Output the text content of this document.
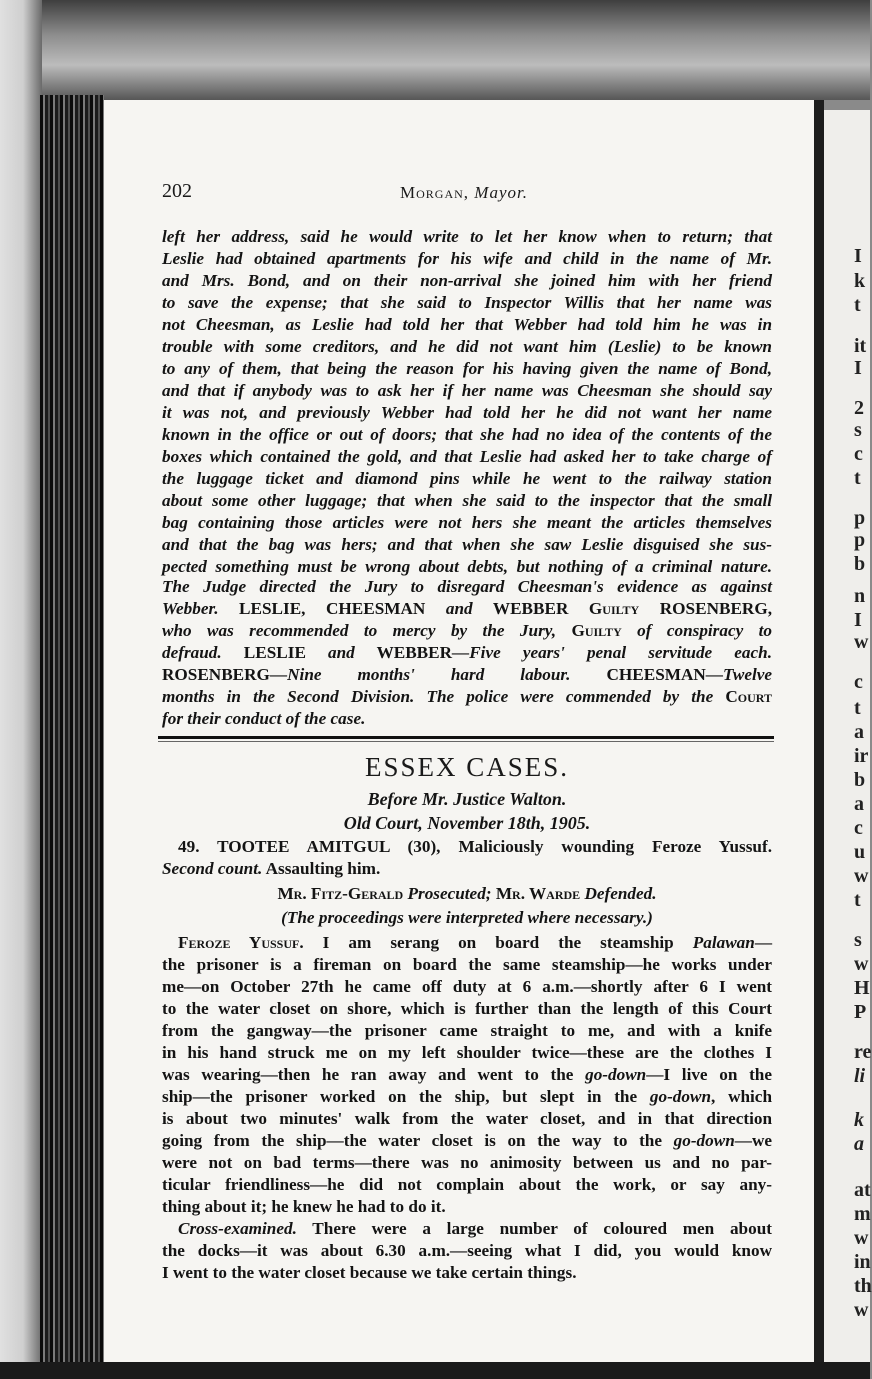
I
k
t
it
I
2
s
c
t
p
p
b
n
I
w
c
t
a
ir
b
a
c
u
w
t
s
w
H
P
re
li
k
a
at
m
w
in
th
w
202	Morgan, Mayor.
The Judge directed the Jury to disregard Cheesman's evidence as against
Webber. LESLIE, CHEESMAN and WEBBER Guilty ROSENBERG,
who was recommended to mercy by the Jury, Guilty of conspiracy to
defraud. LESLIE and WEBBER—Five years' penal servitude each.
ROSENBERG—Nine months' hard labour. CHEESMAN—Twelve
months in the Second Division. The police were commended by the Court
for their conduct of the case.
ESSEX CASES.
Before Mr. Justice Walton.
Old Court, November 18th, 1905.
49. TOOTEE AMITGUL (30), Maliciously wounding Feroze Yussuf.
Second count. Assaulting him.
Mr. Fitz-Gerald Prosecuted; Mr. Warde Defended.
(The proceedings were interpreted where necessary.)
Feroze Yussuf. I am serang on board the steamship Palawan—
was wearing—then he ran away and went to the go-down—I live on the
ship—the prisoner worked on the ship, but slept in the go-down, which
is about two minutes' walk from the water closet, and in that direction
going from the ship—the water closet is on the way to the go-down—we
Cross-examined. There were a large number of coloured men about
the docks—it was about 6.30 a.m.—seeing what I did, you would know
I went to the water closet because we take certain things.
left her address, said he would write to let her know when to return; that
Leslie had obtained apartments for his wife and child in the name of Mr.
and Mrs. Bond, and on their non-arrival she joined him with her friend
to save the expense; that she said to Inspector Willis that her name was
not Cheesman, as Leslie had told her that Webber had told him he was in
trouble with some creditors, and he did not want him (Leslie) to be known
to any of them, that being the reason for his having given the name of Bond,
and that if anybody was to ask her if her name was Cheesman she should say
it was not, and previously Webber had told her he did not want her name
known in the office or out of doors; that she had no idea of the contents of the
boxes which contained the gold, and that Leslie had asked her to take charge of
the luggage ticket and diamond pins while he went to the railway station
about some other luggage; that when she said to the inspector that the small
bag containing those articles were not hers she meant the articles themselves
and that the bag was hers; and that when she saw Leslie disguised she sus-
pected something must be wrong about debts, but nothing of a criminal nature.
the prisoner is a fireman on board the same steamship—he works under
me—on October 27th he came off duty at 6 a.m.—shortly after 6 I went
to the water closet on shore, which is further than the length of this Court
from the gangway—the prisoner came straight to me, and with a knife
in his hand struck me on my left shoulder twice—these are the clothes I
were not on bad terms—there was no animosity between us and no par-
ticular friendliness—he did not complain about the work, or say any-
thing about it; he knew he had to do it.
